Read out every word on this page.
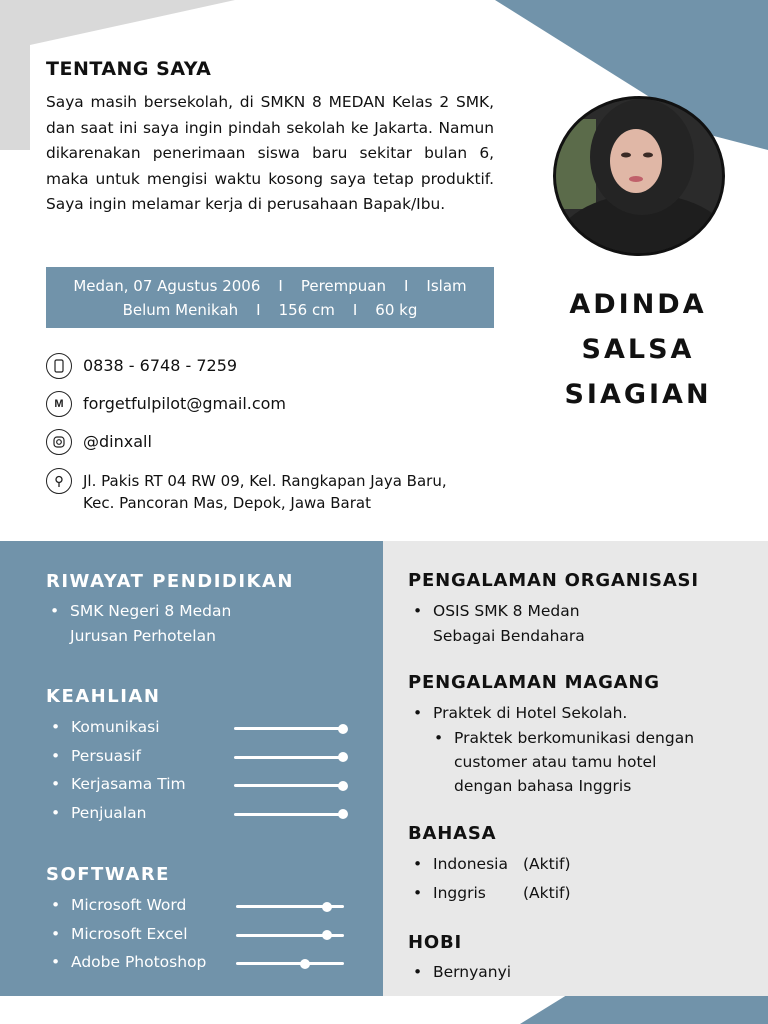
TENTANG SAYA
Saya masih bersekolah, di SMKN 8 MEDAN Kelas 2 SMK, dan saat ini saya ingin pindah sekolah ke Jakarta. Namun dikarenakan penerimaan siswa baru sekitar bulan 6, maka untuk mengisi waktu kosong saya tetap produktif. Saya ingin melamar kerja di perusahaan Bapak/Ibu.
Medan, 07 Agustus 2006 I Perempuan I Islam
Belum Menikah I 156 cm I 60 kg
0838 - 6748 - 7259
M	forgetfulpilot@gmail.com
@dinxall
Jl. Pakis RT 04 RW 09, Kel. Rangkapan Jaya Baru,
Kec. Pancoran Mas, Depok, Jawa Barat
ADINDA
SALSA
SIAGIAN
RIWAYAT PENDIDIKAN
• SMK Negeri 8 Medan
Jurusan Perhotelan
KEAHLIAN
• Komunikasi
• Persuasif
• Kerjasama Tim
• Penjualan
SOFTWARE
• Microsoft Word
• Microsoft Excel
• Adobe Photoshop
PENGALAMAN ORGANISASI
• OSIS SMK 8 Medan
Sebagai Bendahara
PENGALAMAN MAGANG
• Praktek di Hotel Sekolah.
• Praktek berkomunikasi dengan
customer atau tamu hotel
dengan bahasa Inggris
BAHASA
• Indonesia (Aktif)
• Inggris (Aktif)
HOBI
• Bernyanyi
